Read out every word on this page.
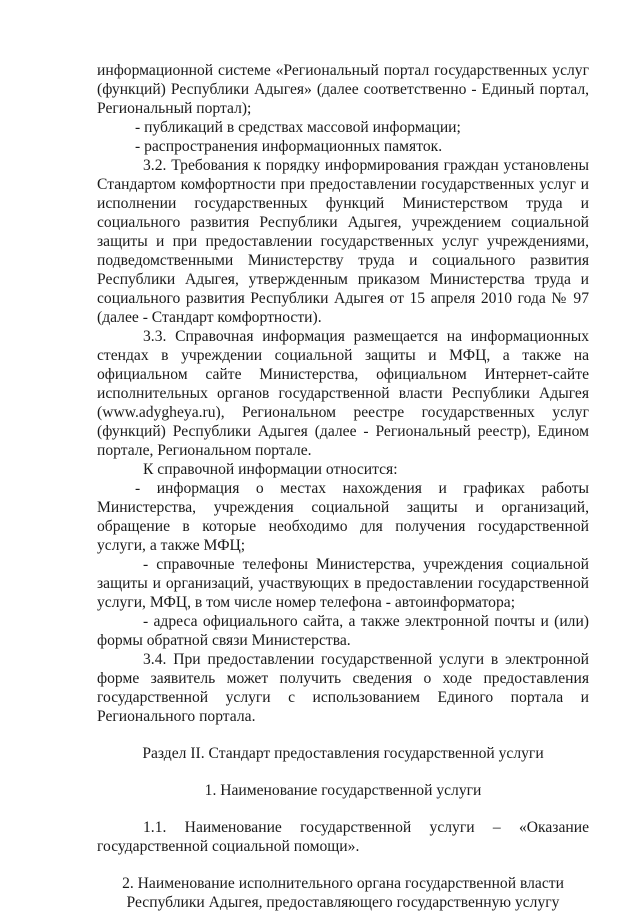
информационной системе «Региональный портал государственных услуг (функций) Республики Адыгея» (далее соответственно - Единый портал, Региональный портал);

- публикаций в средствах массовой информации;

- распространения информационных памяток.

3.2. Требования к порядку информирования граждан установлены Стандартом комфортности при предоставлении государственных услуг и исполнении государственных функций Министерством труда и социального развития Республики Адыгея, учреждением социальной защиты и при предоставлении государственных услуг учреждениями, подведомственными Министерству труда и социального развития Республики Адыгея, утвержденным приказом Министерства труда и социального развития Республики Адыгея от 15 апреля 2010 года № 97 (далее - Стандарт комфортности).

3.3. Справочная информация размещается на информационных стендах в учреждении социальной защиты и МФЦ, а также на официальном сайте Министерства, официальном Интернет-сайте исполнительных органов государственной власти Республики Адыгея (www.adygheya.ru), Региональном реестре государственных услуг (функций) Республики Адыгея (далее - Региональный реестр), Едином портале, Региональном портале.

К справочной информации относится:

- информация о местах нахождения и графиках работы Министерства, учреждения социальной защиты и организаций, обращение в которые необходимо для получения государственной услуги, а также МФЦ;

- справочные телефоны Министерства, учреждения социальной защиты и организаций, участвующих в предоставлении государственной услуги, МФЦ, в том числе номер телефона - автоинформатора;

- адреса официального сайта, а также электронной почты и (или) формы обратной связи Министерства.

3.4. При предоставлении государственной услуги в электронной форме заявитель может получить сведения о ходе предоставления государственной услуги с использованием Единого портала и Регионального портала.

Раздел II. Стандарт предоставления государственной услуги

1. Наименование государственной услуги

1.1. Наименование государственной услуги – «Оказание государственной социальной помощи».

2. Наименование исполнительного органа государственной власти

Республики Адыгея, предоставляющего государственную услугу
